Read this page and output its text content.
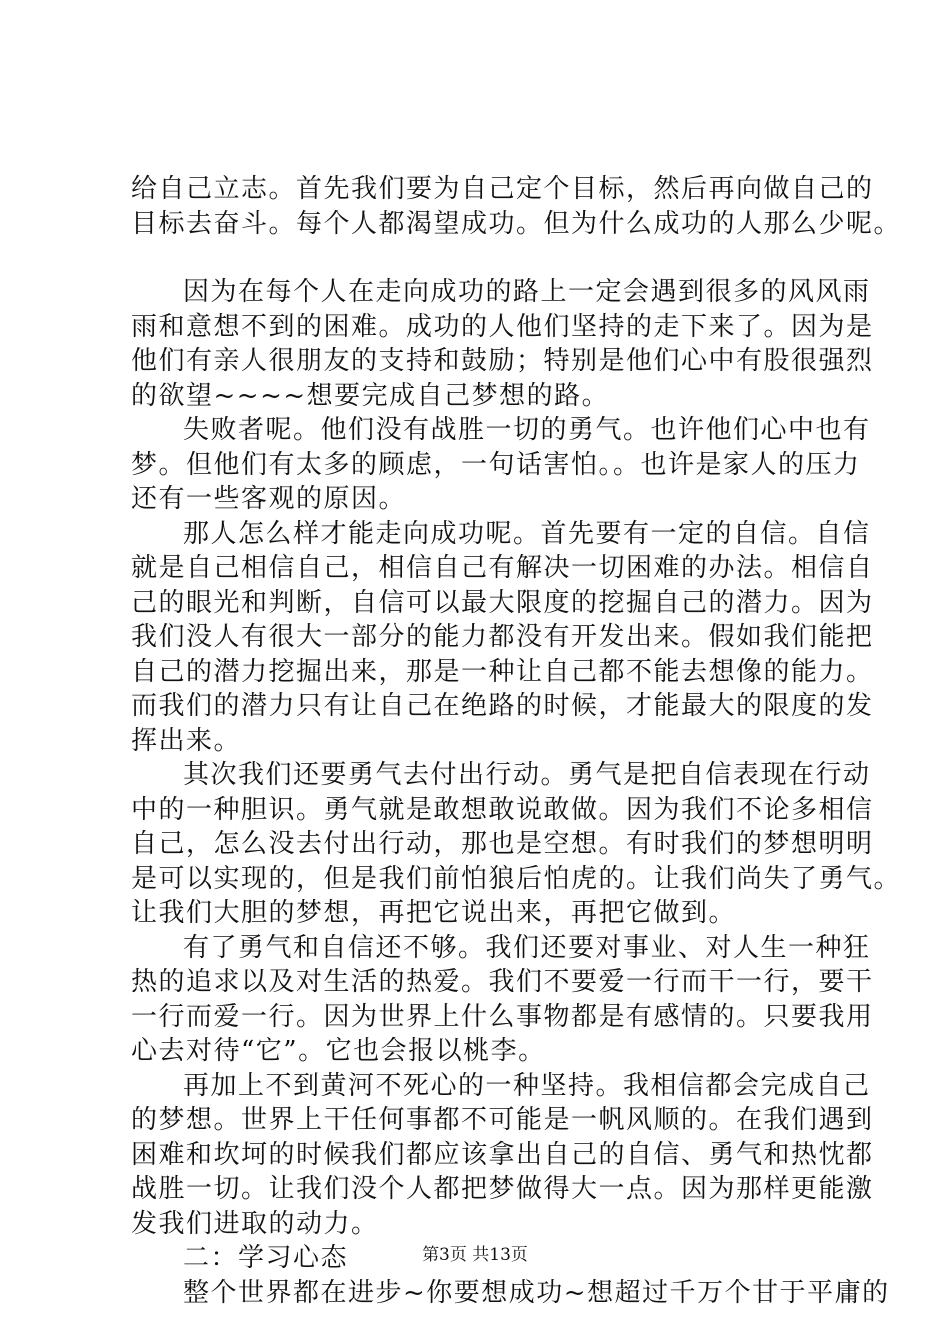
给自己立志。首先我们要为自己定个目标，然后再向做自己的
目标去奋斗。每个人都渴望成功。但为什么成功的人那么少呢。
因为在每个人在走向成功的路上一定会遇到很多的风风雨
雨和意想不到的困难。成功的人他们坚持的走下来了。因为是
他们有亲人很朋友的支持和鼓励；特别是他们心中有股很强烈
的欲望~~~~想要完成自己梦想的路。
失败者呢。他们没有战胜一切的勇气。也许他们心中也有
梦。但他们有太多的顾虑，一句话害怕。。也许是家人的压力
还有一些客观的原因。
那人怎么样才能走向成功呢。首先要有一定的自信。自信
就是自己相信自己，相信自己有解决一切困难的办法。相信自
己的眼光和判断，自信可以最大限度的挖掘自己的潜力。因为
我们没人有很大一部分的能力都没有开发出来。假如我们能把
自己的潜力挖掘出来，那是一种让自己都不能去想像的能力。
而我们的潜力只有让自己在绝路的时候，才能最大的限度的发
挥出来。
其次我们还要勇气去付出行动。勇气是把自信表现在行动
中的一种胆识。勇气就是敢想敢说敢做。因为我们不论多相信
自己，怎么没去付出行动，那也是空想。有时我们的梦想明明
是可以实现的，但是我们前怕狼后怕虎的。让我们尚失了勇气。
让我们大胆的梦想，再把它说出来，再把它做到。
有了勇气和自信还不够。我们还要对事业、对人生一种狂
热的追求以及对生活的热爱。我们不要爱一行而干一行，要干
一行而爱一行。因为世界上什么事物都是有感情的。只要我用
心去对待“它”。它也会报以桃李。
再加上不到黄河不死心的一种坚持。我相信都会完成自己
的梦想。世界上干任何事都不可能是一帆风顺的。在我们遇到
困难和坎坷的时候我们都应该拿出自己的自信、勇气和热忱都
战胜一切。让我们没个人都把梦做得大一点。因为那样更能激
发我们进取的动力。
二：学习心态
整个世界都在进步~你要想成功~想超过千万个甘于平庸的
第3页 共13页
